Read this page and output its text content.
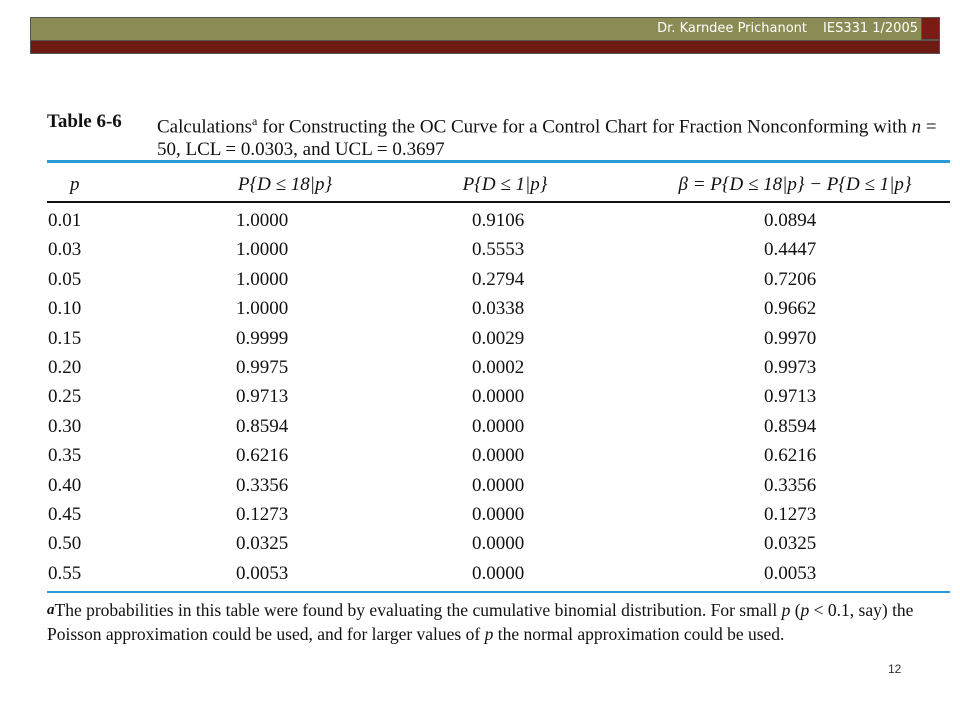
Dr. Karndee Prichanont IES331 1/2005
Table 6-6 Calculations$^a$ for Constructing the OC Curve for a Control Chart for Fraction Nonconforming with n = 50, LCL = 0.0303, and UCL = 0.3697
p	P{D ≤ 18|p}	P{D ≤ 1|p}	β = P{D ≤ 18|p} − P{D ≤ 1|p}
0.01	1.0000	0.9106	0.0894
0.03	1.0000	0.5553	0.4447
0.05	1.0000	0.2794	0.7206
0.10	1.0000	0.0338	0.9662
0.15	0.9999	0.0029	0.9970
0.20	0.9975	0.0002	0.9973
0.25	0.9713	0.0000	0.9713
0.30	0.8594	0.0000	0.8594
0.35	0.6216	0.0000	0.6216
0.40	0.3356	0.0000	0.3356
0.45	0.1273	0.0000	0.1273
0.50	0.0325	0.0000	0.0325
0.55	0.0053	0.0000	0.0053
aThe probabilities in this table were found by evaluating the cumulative binomial distribution. For small p (p < 0.1, say) the Poisson approximation could be used, and for larger values of p the normal approximation could be used.
12
